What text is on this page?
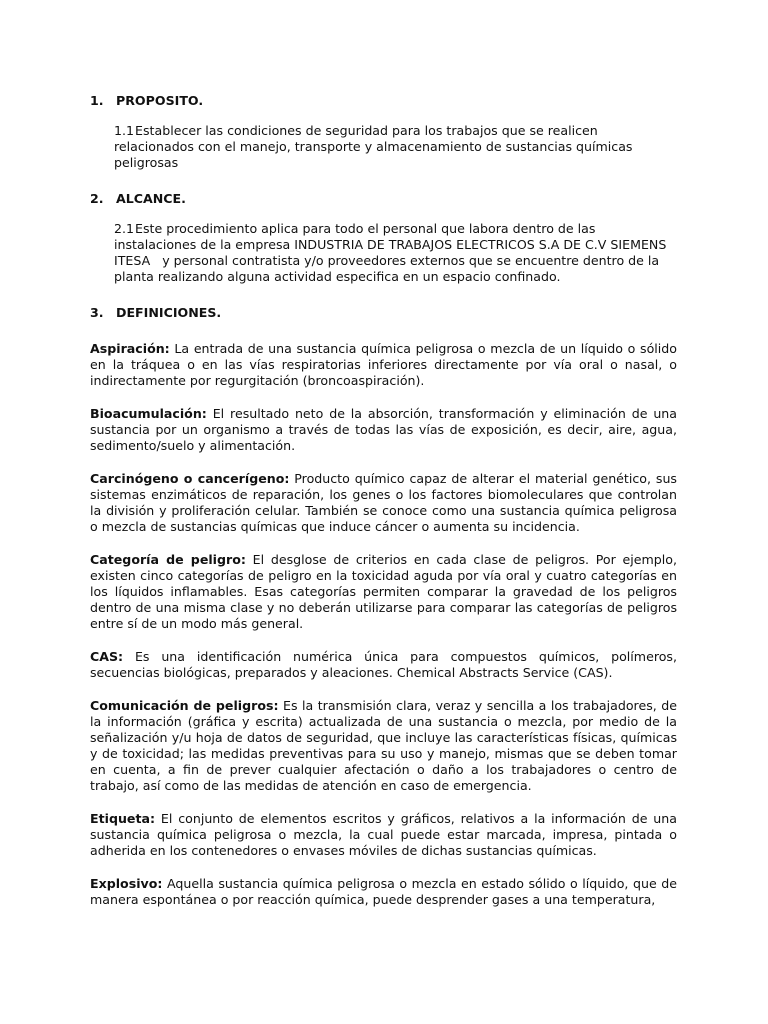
1. PROPOSITO.

1.1Establecer las condiciones de seguridad para los trabajos que se realicen relacionados con el manejo, transporte y almacenamiento de sustancias químicas peligrosas

2. ALCANCE.

2.1Este procedimiento aplica para todo el personal que labora dentro de las instalaciones de la empresa INDUSTRIA DE TRABAJOS ELECTRICOS S.A DE C.V SIEMENS ITESA   y personal contratista y/o proveedores externos que se encuentre dentro de la planta realizando alguna actividad especifica en un espacio confinado.

3. DEFINICIONES.

Aspiración: La entrada de una sustancia química peligrosa o mezcla de un líquido o sólido en la tráquea o en las vías respiratorias inferiores directamente por vía oral o nasal, o indirectamente por regurgitación (broncoaspiración).

Bioacumulación: El resultado neto de la absorción, transformación y eliminación de una sustancia por un organismo a través de todas las vías de exposición, es decir, aire, agua, sedimento/suelo y alimentación.

Carcinógeno o cancerígeno: Producto químico capaz de alterar el material genético, sus sistemas enzimáticos de reparación, los genes o los factores biomoleculares que controlan la división y proliferación celular. También se conoce como una sustancia química peligrosa o mezcla de sustancias químicas que induce cáncer o aumenta su incidencia.

Categoría de peligro: El desglose de criterios en cada clase de peligros. Por ejemplo, existen cinco categorías de peligro en la toxicidad aguda por vía oral y cuatro categorías en los líquidos inflamables. Esas categorías permiten comparar la gravedad de los peligros dentro de una misma clase y no deberán utilizarse para comparar las categorías de peligros entre sí de un modo más general.

CAS: Es una identificación numérica única para compuestos químicos, polímeros, secuencias biológicas, preparados y aleaciones. Chemical Abstracts Service (CAS).

Comunicación de peligros: Es la transmisión clara, veraz y sencilla a los trabajadores, de la información (gráfica y escrita) actualizada de una sustancia o mezcla, por medio de la señalización y/u hoja de datos de seguridad, que incluye las características físicas, químicas y de toxicidad; las medidas preventivas para su uso y manejo, mismas que se deben tomar en cuenta, a fin de prever cualquier afectación o daño a los trabajadores o centro de trabajo, así como de las medidas de atención en caso de emergencia.

Etiqueta: El conjunto de elementos escritos y gráficos, relativos a la información de una sustancia química peligrosa o mezcla, la cual puede estar marcada, impresa, pintada o adherida en los contenedores o envases móviles de dichas sustancias químicas.

Explosivo: Aquella sustancia química peligrosa o mezcla en estado sólido o líquido, que de manera espontánea o por reacción química, puede desprender gases a una temperatura,
